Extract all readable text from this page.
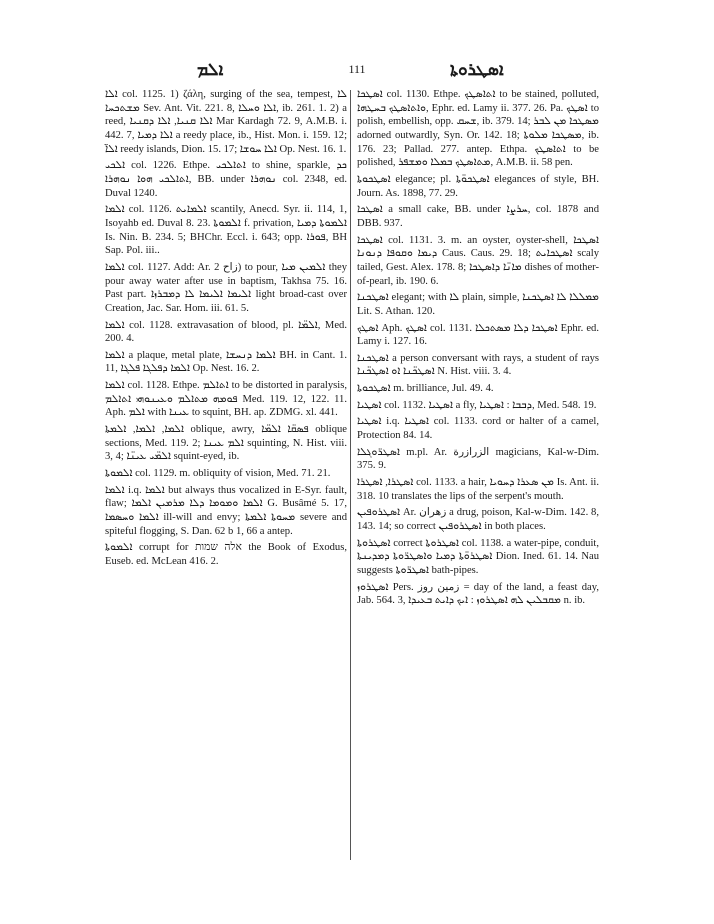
ܐܠܡ	111	ܐܣܛܪܘܬܐ

ܐܠܐ col. 1125. 1) ζάλη, surging of the sea, tempest, ܠܐ ܡܫܬܟܚܐ Sev. Ant. Vit. 221. 8, ܐܠܐ ܘܚܠܐ, ib. 261. 1. 2) a reed, ܐܠܐ ܩܢܝܐ, ܐܠܐ ܕܩܢܝܐ Mar Kardagh 72. 9, A.M.B. i. 442. 7, ܐܠܐ ܕܡܝܐ a reedy place, ib., Hist. Mon. i. 159. 12; ܐܠܐ̈ reedy islands, Dion. 15. 17; ܐܠܐ ܚܘܫܐ Op. Nest. 16. 1.

ܐܠܟܝ col. 1226. Ethpe. ܐܬܐܠܟܝ to shine, sparkle, ܟܕ ܐܬܐܠܟܝ ܗܘܐ ܢܘܗܪܐ, BB. under ܢܘܗܪܐ col. 2348, ed. Duval 1240.

ܐܠܡܐ col. 1126. ܐܠܡܐܝܬ scantily, Anecd. Syr. ii. 114, 1, Isoyahb ed. Duval 8. 23. ܐܠܡܘܬܐ f. privation, ܐܠܡܘܬܐ ܕܡܝܐ Is. Nin. B. 234. 5; BHChr. Eccl. i. 643; opp. ܦܘܪܐ, BH Sap. Pol. iii..

ܐܠܡܐ col. 1127. Add: Ar. زاح 2) to pour, ܐܠܡܝܢ ܡܝܐ they pour away water after use in baptism, Takhsa 75. 16. Past part. ܐܠܝܡܐ ܐܠܝܡܐ ܠܐ ܕܡܒܪܙܐ light broad-cast over Creation, Jac. Sar. Hom. iii. 61. 5.

ܐܠܡܐ col. 1128. extravasation of blood, pl. ܐܠܡ̈ܐ, Med. 200. 4.

ܐܠܡܐ a plaque, metal plate, ܐܠܡܐ ܕܢܚܫܐ BH. in Cant. 1. 11, ܐܠܡܐ ܕܦܠܓܐ ܦܠܓܐ Op. Nest. 16. 2.

ܐܠܡܐ col. 1128. Ethpe. ܐܬܐܠܡ to be distorted in paralysis, ܦܘܡܗ ܡܬܐܠܡ ܘܥܝܢܘܗܝ ܐܬܐܠܡ Med. 119. 12, 122. 11. Aph. ܐܠܡ with ܥܝܢܐ to squint, BH. ap. ZDMG. xl. 441.

ܐܠܡܐ, ܐܠܡܐ, ܐܠܡܬܐ oblique, awry, ܦܣܩ̈ܐ ܐܠܡ̈ܐ oblique sections, Med. 119. 2; ܐܠܡ ܥܝܢܐ squinting, N. Hist. viii. 3, 4; ܐܠܡ̈ܝ ܥܝܢ̈ܐ squint-eyed, ib.

ܐܠܡܘܬܐ col. 1129. m. obliquity of vision, Med. 71. 21.

ܐܠܡܐ i.q. ܐܠܡܐ but always thus vocalized in E-Syr. fault, flaw; ܐܠܡܐ ܘܡܘܡܐ ܕܠܐ ܡܪܡܝܢ ܐܠܡܐ G. Busâmé 5. 17, ܐܠܡܐ ܘܚܣܡܐ ill-will and envy; ܡܚܘܬܐ ܐܠܡܬܐ severe and spiteful flogging, S. Dan. 62 b 1, 66 a antep.

ܐܠܡܘܬܐ corrupt for אלה שמות the Book of Exodus, Euseb. ed. McLean 416. 2.

ܐܣܛܟܐ col. 1130. Ethpe. ܐܬܐܣܛܟ to be stained, polluted, ܘܐܬܐܣܛܟ ܒܚܛܗܐ, Ephr. ed. Lamy ii. 377. 26. Pa. ܐܣܛܟ to polish, embellish, opp. ܫܚܩ, ib. 379. 14; ܡܣܛܟܐ ܡܢ ܠܒܪ adorned outwardly, Syn. Or. 142. 18; ܡܣܛܟܐ ܡܠܘܬܐ, ib. 176. 23; Pallad. 277. antep. Ethpa. ܐܬܐܣܛܟ to be polished, ܡܬܐܣܛܟ ܒܡܠܐ ܘܡܫܦܪ, A.M.B. ii. 58 pen.

ܐܣܛܟܘܬܐ elegance; pl. ܐܣܛܟܘ̈ܬܐ elegances of style, BH. Journ. As. 1898, 77. 29.

ܐܣܛܟܐ a small cake, BB. under ܚܪܨܐ, col. 1878 and DBB. 937.

ܐܣܛܟܐ col. 1131. 3. m. an oyster, oyster-shell, ܐܣܛܟܐ ܕܝܡܐ ܘܩܘܦܐ ܕܢܘܢܐ Caus. Caus. 29. 18; ܐܣܛܟܐܝܬ scaly tailed, Gest. Alex. 178. 8; ܡܐܢ̈ܐ ܕܐܣܛܟܐ dishes of mother-of-pearl, ib. 190. 6.

ܐܣܛܟܢܐ elegant; with ܠܐ plain, simple, ܡܡܠܠܐ ܠܐ ܐܣܛܟܢܐ Lit. S. Athan. 120.

ܐܣܛܟ Aph. ܐܣܛܟ col. 1131. ܐܣܛܟܐ ܕܠܐ ܡܣܬܟܠܐ Ephr. ed. Lamy i. 127. 16.

ܐܣܛܟܢܐ a person conversant with rays, a student of rays ܐܣܛܟ̈ܢܐ ܐܘ ܐܣܛܟ̈ܢܐ N. Hist. viii. 3. 4.

ܐܣܛܟܘܬܐ m. brilliance, Jul. 49. 4.

ܐܣܛܝܐ col. 1132. ܐܣܛܝܐ a fly, ܕܒܒܐ : ܐܣܛܝܐ, Med. 548. 19.

ܐܣܛܝܐ i.q. ܐܣܛܝܐ col. 1133. cord or halter of a camel, Protection 84. 14.

ܐܣܛܪ̈ܘܓܠܐ m.pl. Ar. الزرازرة magicians, Kal-w-Dim. 375. 9.

ܐܣܛܪܐ, ܐܣܛܪܐ col. 1133. a hair, ܡܢ ܣܥܪܐ ܕܚܘܝܐ Is. Ant. ii. 318. 10 translates the lips of the serpent's mouth.

ܐܣܛܪܘܦܝܢ Ar. زهران a drug, poison, Kal-w-Dim. 142. 8, 143. 14; so correct ܐܣܛܪܘܦܝܢ in both places.

ܐܣܛܪܘܬܐ correct ܐܣܛܪܘܬܐ col. 1138. a water-pipe, conduit, ܐܣܛܪܘ̈ܬܐ ܕܡܝܐ ܘܐܣܛܪ̈ܘܬܐ ܕܡܕܝܢܬܐ Dion. Ined. 61. 14. Nau suggests ܐܣܛܪ̈ܘܬܐ bath-pipes.

ܐܣܛܪܘܙ Pers. زمين روز = day of the land, a feast day, Jab. 564. 3, ܡܩܒܠܝܢ ܠܗ ܐܣܛܪܘܙ : ܐܝܟ ܕܐܝܬ ܒܥܝܕܐ n. ib.
